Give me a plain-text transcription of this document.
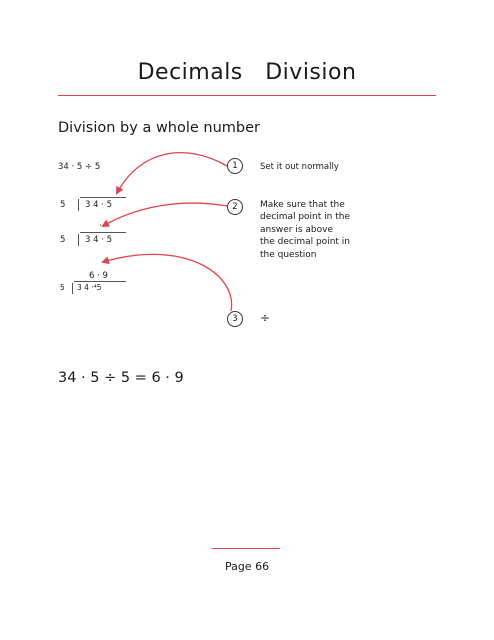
Decimals   Division
Division by a whole number
34 · 5 ÷ 5	1	Set it out normally
5 3 4 · 5	2	Make sure that the decimal point in the answer is above the decimal point in the question
·
5 3 4 · 5
6 · 9
5 3 4 ·⁴5
3	÷
34 · 5 ÷ 5 = 6 · 9
Page 66
